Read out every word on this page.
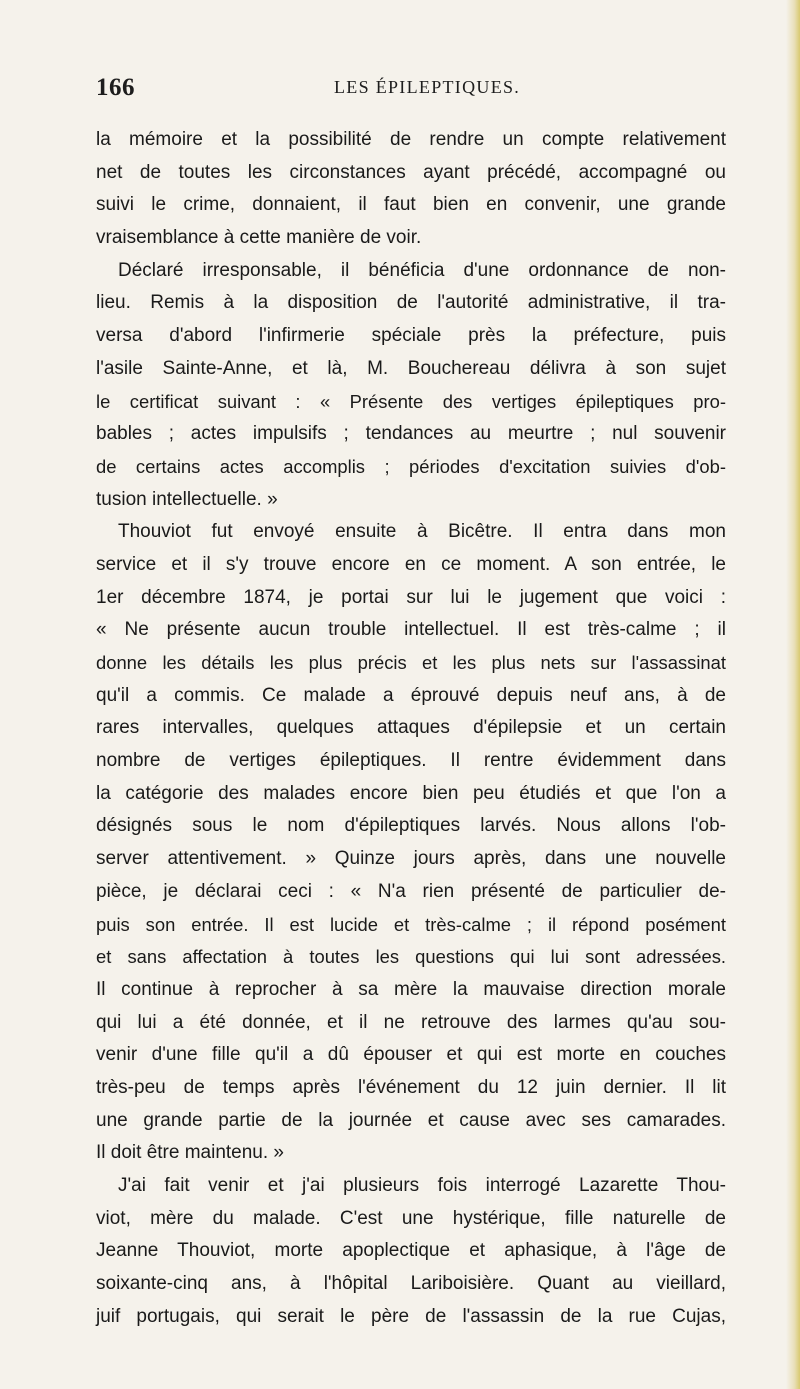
166	LES ÉPILEPTIQUES.
la mémoire et la possibilité de rendre un compte relativement
net de toutes les circonstances ayant précédé, accompagné ou
suivi le crime, donnaient, il faut bien en convenir, une grande
vraisemblance à cette manière de voir.
Déclaré irresponsable, il bénéficia d'une ordonnance de non-
lieu. Remis à la disposition de l'autorité administrative, il tra-
versa d'abord l'infirmerie spéciale près la préfecture, puis
l'asile Sainte-Anne, et là, M. Bouchereau délivra à son sujet
le certificat suivant : « Présente des vertiges épileptiques pro-
bables ; actes impulsifs ; tendances au meurtre ; nul souvenir
de certains actes accomplis ; périodes d'excitation suivies d'ob-
tusion intellectuelle. »
Thouviot fut envoyé ensuite à Bicêtre. Il entra dans mon
service et il s'y trouve encore en ce moment. A son entrée, le
1er décembre 1874, je portai sur lui le jugement que voici :
« Ne présente aucun trouble intellectuel. Il est très-calme ; il
donne les détails les plus précis et les plus nets sur l'assassinat
qu'il a commis. Ce malade a éprouvé depuis neuf ans, à de
rares intervalles, quelques attaques d'épilepsie et un certain
nombre de vertiges épileptiques. Il rentre évidemment dans
la catégorie des malades encore bien peu étudiés et que l'on a
désignés sous le nom d'épileptiques larvés. Nous allons l'ob-
server attentivement. » Quinze jours après, dans une nouvelle
pièce, je déclarai ceci : « N'a rien présenté de particulier de-
puis son entrée. Il est lucide et très-calme ; il répond posément
et sans affectation à toutes les questions qui lui sont adressées.
Il continue à reprocher à sa mère la mauvaise direction morale
qui lui a été donnée, et il ne retrouve des larmes qu'au sou-
venir d'une fille qu'il a dû épouser et qui est morte en couches
très-peu de temps après l'événement du 12 juin dernier. Il lit
une grande partie de la journée et cause avec ses camarades.
Il doit être maintenu. »
J'ai fait venir et j'ai plusieurs fois interrogé Lazarette Thou-
viot, mère du malade. C'est une hystérique, fille naturelle de
Jeanne Thouviot, morte apoplectique et aphasique, à l'âge de
soixante-cinq ans, à l'hôpital Lariboisière. Quant au vieillard,
juif portugais, qui serait le père de l'assassin de la rue Cujas,
